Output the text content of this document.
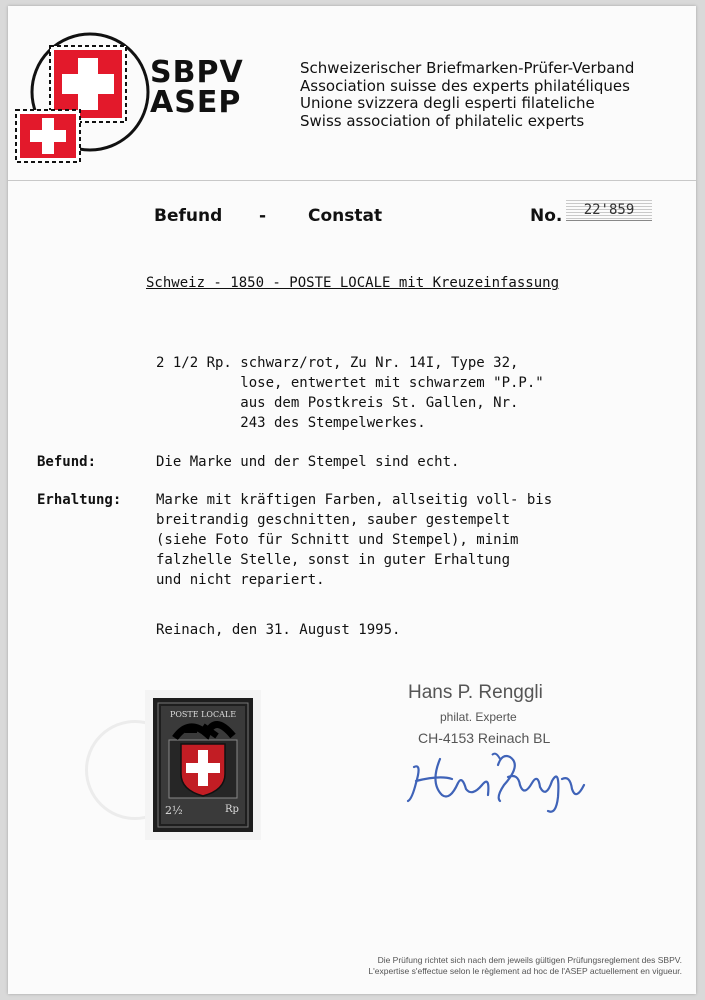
SBPV
ASEP
Schweizerischer Briefmarken-Prüfer-Verband
Association suisse des experts philatéliques
Unione svizzera degli esperti filateliche
Swiss association of philatelic experts
Befund - Constat	No.	22'859
Schweiz - 1850 - POSTE LOCALE mit Kreuzeinfassung
2 1/2 Rp. schwarz/rot, Zu Nr. 14I, Type 32,
lose, entwertet mit schwarzem "P.P."
aus dem Postkreis St. Gallen, Nr.
243 des Stempelwerkes.
Befund:	Die Marke und der Stempel sind echt.
Erhaltung: Marke mit kräftigen Farben, allseitig voll- bis
breitrandig geschnitten, sauber gestempelt
(siehe Foto für Schnitt und Stempel), minim
falzhelle Stelle, sonst in guter Erhaltung
und nicht repariert.
Reinach, den 31. August 1995.
POSTE LOCALE
2½	Rp
Hans P. Renggli
philat. Experte
CH-4153 Reinach BL
Die Prüfung richtet sich nach dem jeweils gültigen Prüfungsreglement des SBPV.
L'expertise s'effectue selon le règlement ad hoc de l'ASEP actuellement en vigueur.
